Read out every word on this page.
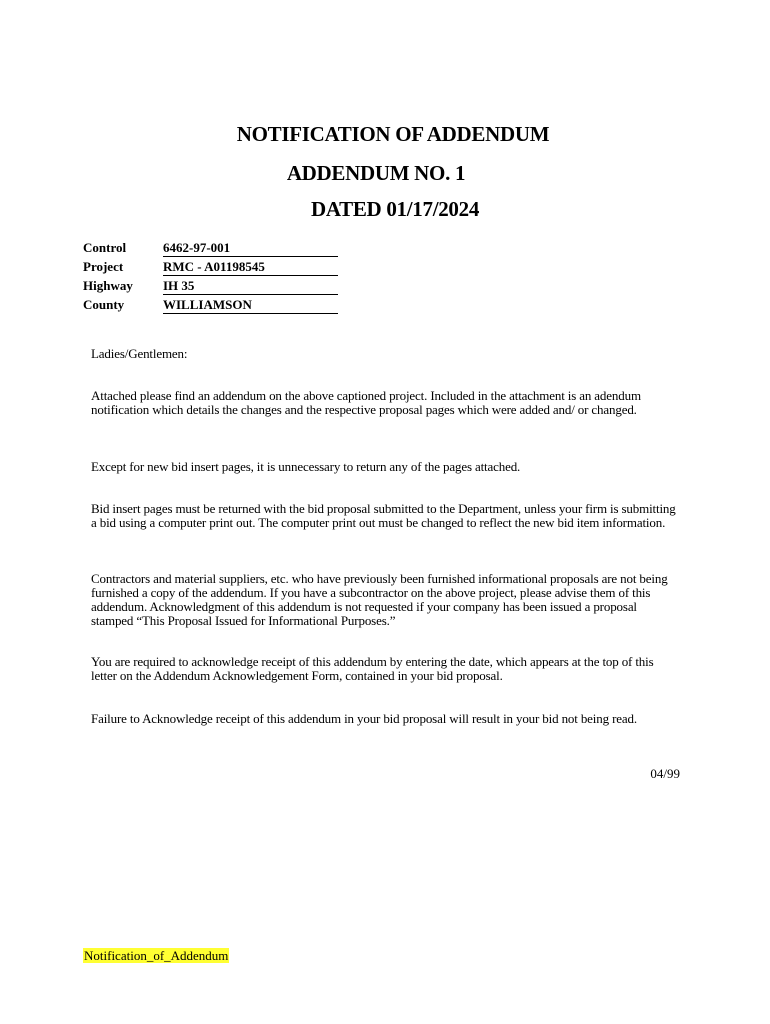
NOTIFICATION OF ADDENDUM
ADDENDUM NO. 1
DATED 01/17/2024
Control	6462-97-001
Project	RMC - A01198545
Highway	IH 35
County	WILLIAMSON
Ladies/Gentlemen:
Attached please find an addendum on the above captioned project. Included in the attachment is an adendum notification which details the changes and the respective proposal pages which were added and/ or changed.
Except for new bid insert pages, it is unnecessary to return any of the pages attached.
Bid insert pages must be returned with the bid proposal submitted to the Department, unless your firm is submitting a bid using a computer print out. The computer print out must be changed to reflect the new bid item information.
Contractors and material suppliers, etc. who have previously been furnished informational proposals are not being furnished a copy of the addendum. If you have a subcontractor on the above project, please advise them of this addendum. Acknowledgment of this addendum is not requested if your company has been issued a proposal stamped “This Proposal Issued for Informational Purposes.”
You are required to acknowledge receipt of this addendum by entering the date, which appears at the top of this letter on the Addendum Acknowledgement Form, contained in your bid proposal.
Failure to Acknowledge receipt of this addendum in your bid proposal will result in your bid not being read.
04/99
Notification_of_Addendum
